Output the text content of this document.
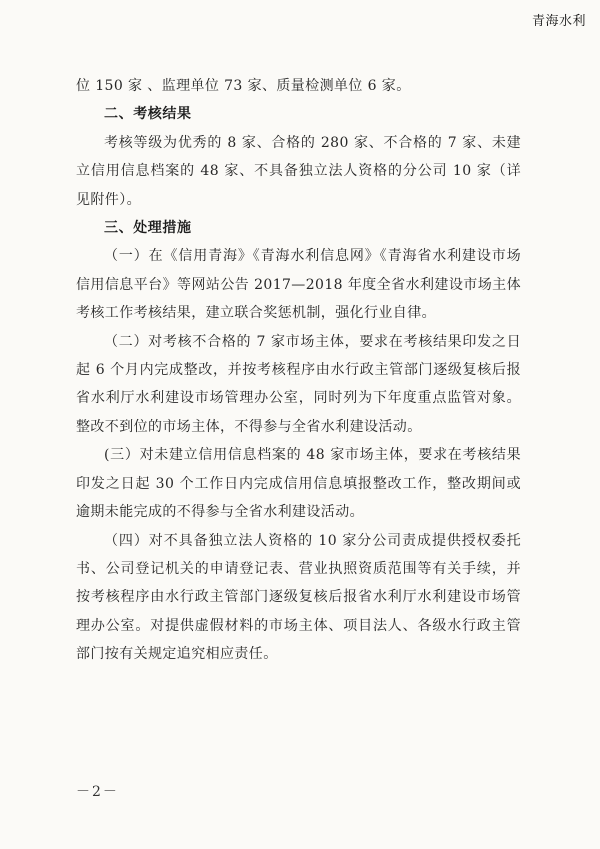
青海水利

位 150 家 、监理单位 73 家、质量检测单位 6 家。

二、考核结果

考核等级为优秀的 8 家、合格的 280 家、不合格的 7 家、未建立信用信息档案的 48 家、不具备独立法人资格的分公司 10 家（详见附件）。

三、处理措施

（一）在《信用青海》《青海水利信息网》《青海省水利建设市场信用信息平台》等网站公告 2017—2018 年度全省水利建设市场主体考核工作考核结果，建立联合奖惩机制，强化行业自律。

（二）对考核不合格的 7 家市场主体，要求在考核结果印发之日起 6 个月内完成整改，并按考核程序由水行政主管部门逐级复核后报省水利厅水利建设市场管理办公室，同时列为下年度重点监管对象。整改不到位的市场主体，不得参与全省水利建设活动。

(三）对未建立信用信息档案的 48 家市场主体，要求在考核结果印发之日起 30 个工作日内完成信用信息填报整改工作，整改期间或逾期未能完成的不得参与全省水利建设活动。

（四）对不具备独立法人资格的 10 家分公司责成提供授权委托书、公司登记机关的申请登记表、营业执照资质范围等有关手续，并按考核程序由水行政主管部门逐级复核后报省水利厅水利建设市场管理办公室。对提供虚假材料的市场主体、项目法人、各级水行政主管部门按有关规定追究相应责任。

－2－
